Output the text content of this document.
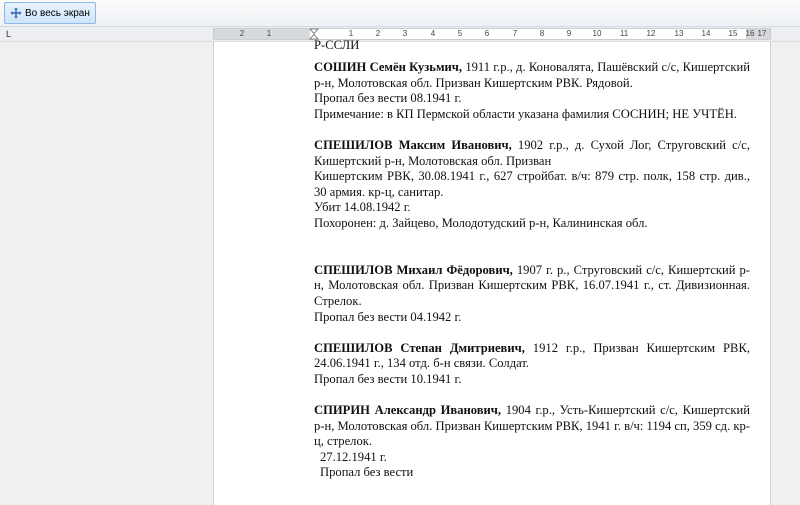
Во весь экран
L	2	1	1	2	3	4	5	6	7	8	9	10 11 12 13 14 15 16 17
Р-ССЛИ

СОШИН Семён Кузьмич, 1911 г.р., д. Коновалята, Пашёвский с/с, Кишертский р-н, Молотовская обл. Призван Кишертским РВК. Рядовой.

Пропал без вести 08.1941 г.

Примечание: в КП Пермской области указана фамилия СОСНИН; НЕ УЧТЁН.

СПЕШИЛОВ Максим Иванович, 1902 г.р., д. Сухой Лог, Струговский с/с, Кишертский р-н, Молотовская обл. Призван

Кишертским РВК, 30.08.1941 г., 627 стройбат. в/ч: 879 стр. полк, 158 стр. див., 30 армия. кр-ц, санитар.

Убит 14.08.1942 г.

Похоронен: д. Зайцево, Молодотудский р-н, Калининская обл.

СПЕШИЛОВ Михаил Фёдорович, 1907 г. р., Струговский с/с, Кишертский р-н, Молотовская обл. Призван Кишертским РВК, 16.07.1941 г., ст. Дивизионная. Стрелок.

Пропал без вести 04.1942 г.

СПЕШИЛОВ Степан Дмитриевич, 1912 г.р., Призван Кишертским РВК, 24.06.1941 г., 134 отд. б-н связи. Солдат.

Пропал без вести 10.1941 г.

СПИРИН Александр Иванович, 1904 г.р., Усть-Кишертский с/с, Кишертский р-н, Молотовская обл. Призван Кишертским РВК, 1941 г. в/ч: 1194 сп, 359 сд. кр-ц, стрелок.

27.12.1941 г.

Пропал без вести
